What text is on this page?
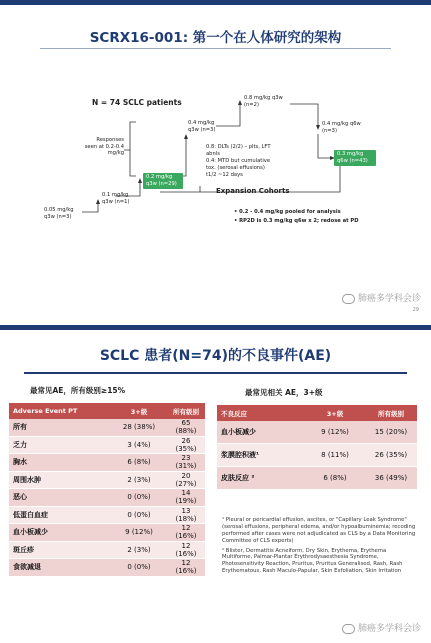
SCRX16-001: 第一个在人体研究的架构
N = 74 SCLC patients
Responses seen at 0.2-0.4 mg/kg
0.05 mg/kg q3w (n=3)
0.1 mg/kg q3w (n=1)
0.2 mg/kg q3w (n=29)
0.4 mg/kg q3w (n=3)
0.8 mg/kg q3w (n=2)
0.4 mg/kg q6w (n=3)
0.3 mg/kg q6w (n=43)
0.8: DLTs (2/2) – plts, LFT abnls
0.4: MTD but cumulative tox. (serosal effusions)
t1/2 ~12 days
Expansion Cohorts
• 0.2 - 0.4 mg/kg pooled for analysis
• RP2D is 0.3 mg/kg q6w x 2; redose at PD
肺癌多学科会诊
29
SCLC 患者(N=74)的不良事件(AE)
最常见AE，所有级别≥15%	最常见相关 AE，3+级
Adverse Event PT	3+级	所有级别
所有	28 (38%)	65 (88%)
乏力	3 (4%)	26 (35%)
胸水	6 (8%)	23 (31%)
周围水肿	2 (3%)	20 (27%)
恶心	0 (0%)	14 (19%)
低蛋白血症	0 (0%)	13 (18%)
血小板减少	9 (12%)	12 (16%)
斑丘疹	2 (3%)	12 (16%)
食欲减退	0 (0%)	12 (16%)
不良反应	3+级	所有级别
血小板减少	9 (12%)	15 (20%)
浆膜腔积液¹	8 (11%)	26 (35%)
皮肤反应 ²	6 (8%)	36 (49%)

¹ Pleural or pericardial effusion, ascites, or "Capillary Leak Syndrome" (serosal effusions, peripheral edema, and/or hypoalbuminemia; recoding performed after cases were not adjudicated as CLS by a Data Monitoring Committee of CLS experts)

² Blister, Dermatitis Acneiform, Dry Skin, Erythema, Erythema Multiforme, Palmar-Plantar Erythrodysaesthesia Syndrome, Photosensitivity Reaction, Pruritus, Pruritus Generalised, Rash, Rash Erythematous, Rash Maculo-Papular, Skin Exfoliation, Skin Irritation

肺癌多学科会诊
